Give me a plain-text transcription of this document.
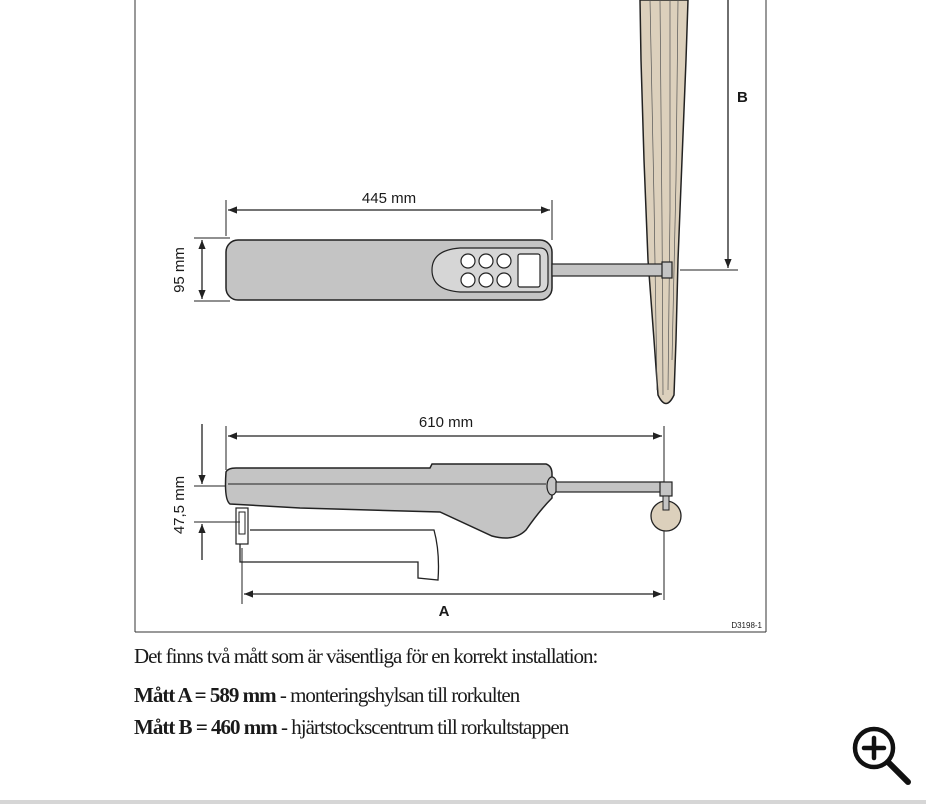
B
445 mm
95 mm
610 mm
47,5 mm
A
D3198-1
Det finns två mått som är väsentliga för en korrekt installation:
Mått A = 589 mm - monteringshylsan till rorkulten
Mått B = 460 mm - hjärtstockscentrum till rorkultstappen
